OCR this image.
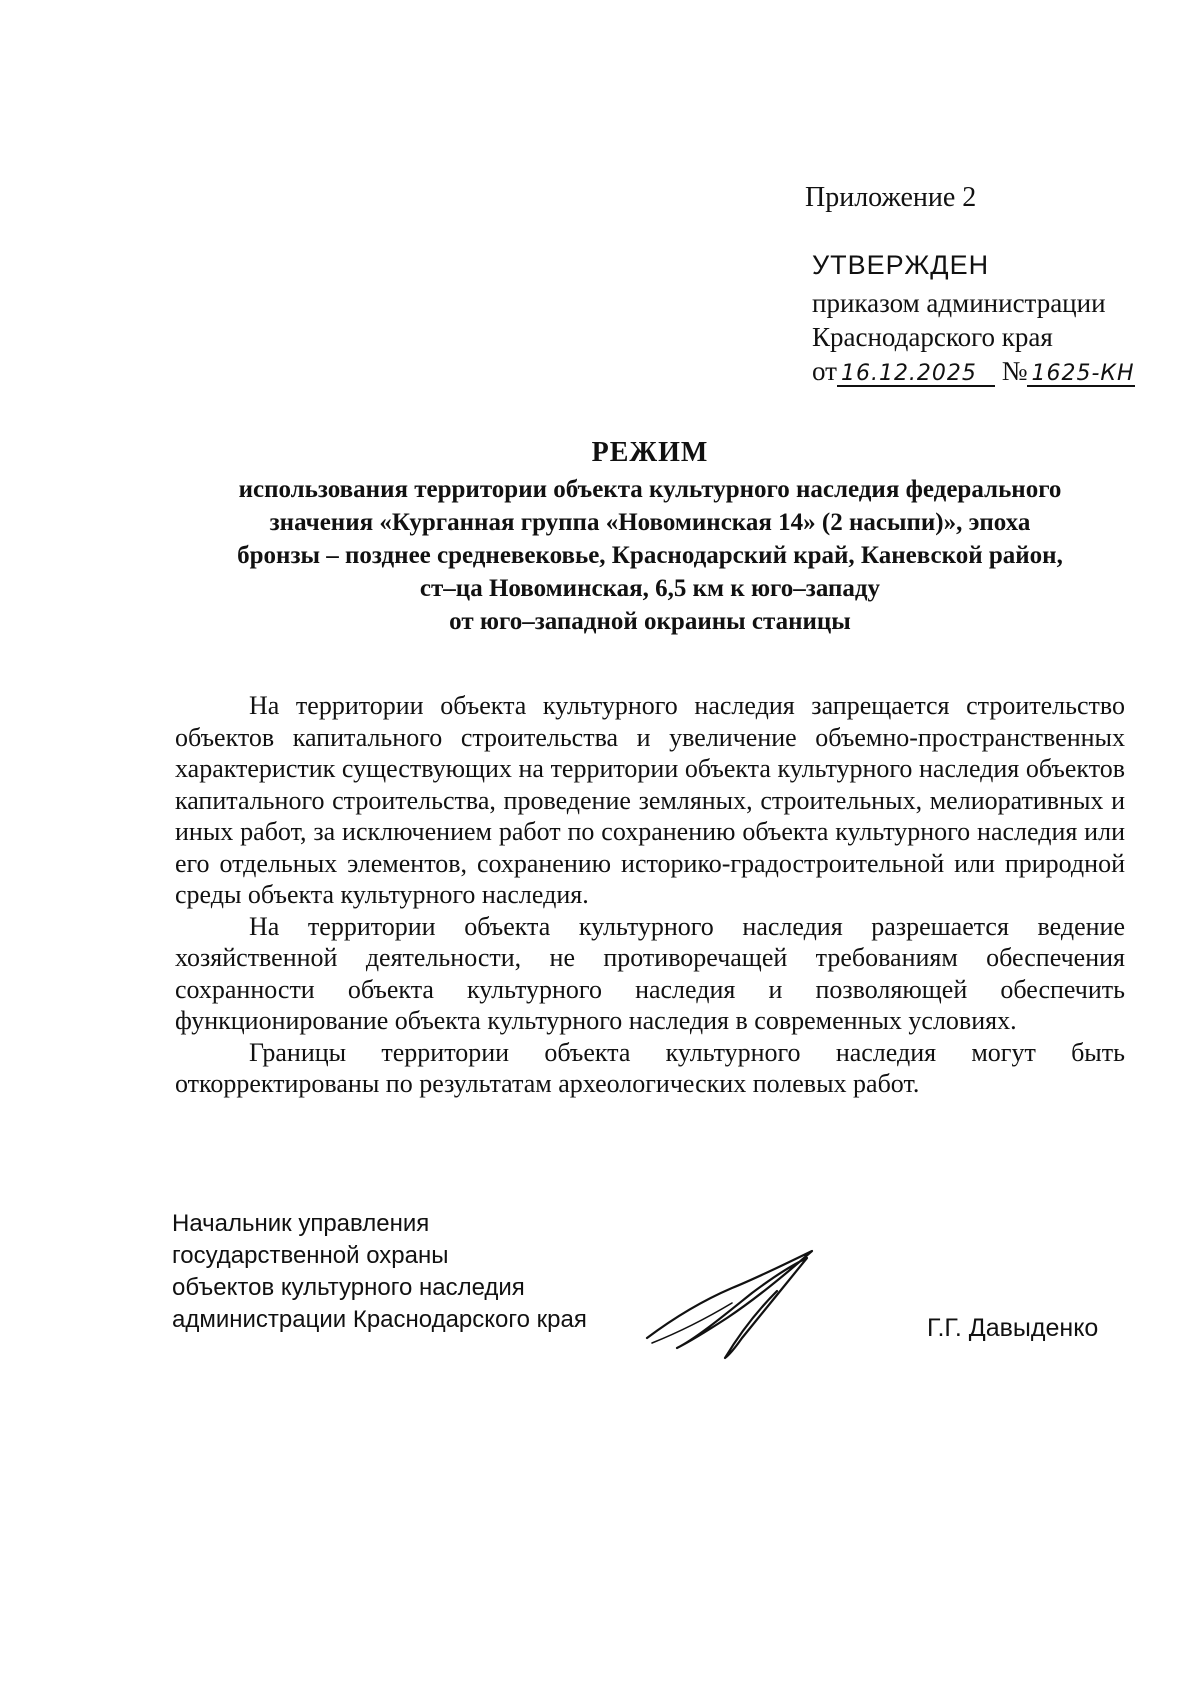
Приложение 2
УТВЕРЖДЕН
приказом администрации
Краснодарского края
от 16.12.2025 № 1625-КН
РЕЖИМ
использования территории объекта культурного наследия федерального
значения «Курганная группа «Новоминская 14» (2 насыпи)», эпоха
бронзы – позднее средневековье, Краснодарский край, Каневской район,
ст–ца Новоминская, 6,5 км к юго–западу
от юго–западной окраины станицы

На территории объекта культурного наследия запрещается строительство объектов капитального строительства и увеличение объемно-пространственных характеристик существующих на территории объекта культурного наследия объектов капитального строительства, проведение земляных, строительных, мелиоративных и иных работ, за исключением работ по сохранению объекта культурного наследия или его отдельных элементов, сохранению историко-градостроительной или природной среды объекта культурного наследия.

На территории объекта культурного наследия разрешается ведение хозяйственной деятельности, не противоречащей требованиям обеспечения сохранности объекта культурного наследия и позволяющей обеспечить функционирование объекта культурного наследия в современных условиях.

Границы территории объекта культурного наследия могут быть откорректированы по результатам археологических полевых работ.

Начальник управления
государственной охраны
объектов культурного наследия
администрации Краснодарского края	Г.Г. Давыденко
